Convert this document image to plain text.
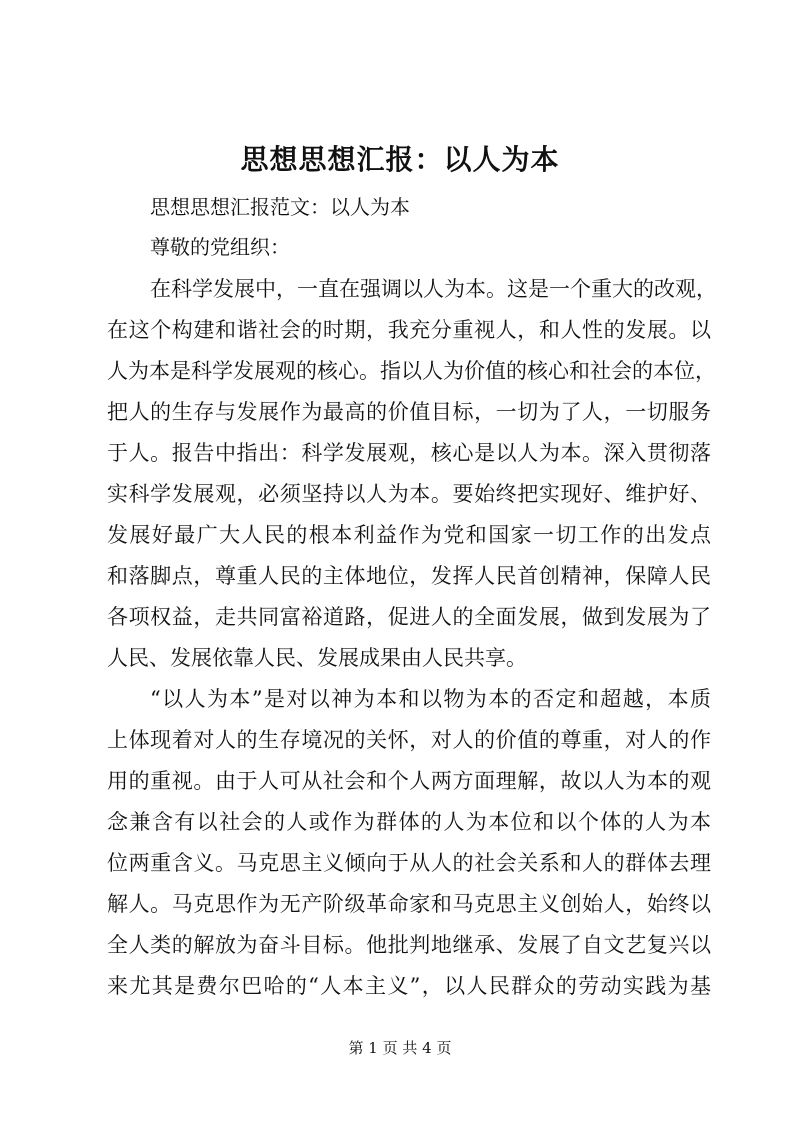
思想思想汇报：以人为本
思想思想汇报范文：以人为本
尊敬的党组织：
在科学发展中，一直在强调以人为本。这是一个重大的改观，
在这个构建和谐社会的时期，我充分重视人，和人性的发展。以
人为本是科学发展观的核心。指以人为价值的核心和社会的本位，
把人的生存与发展作为最高的价值目标，一切为了人，一切服务
于人。报告中指出：科学发展观，核心是以人为本。深入贯彻落
实科学发展观，必须坚持以人为本。要始终把实现好、维护好、
发展好最广大人民的根本利益作为党和国家一切工作的出发点
和落脚点，尊重人民的主体地位，发挥人民首创精神，保障人民
各项权益，走共同富裕道路，促进人的全面发展，做到发展为了
人民、发展依靠人民、发展成果由人民共享。
“以人为本”是对以神为本和以物为本的否定和超越，本质
上体现着对人的生存境况的关怀，对人的价值的尊重，对人的作
用的重视。由于人可从社会和个人两方面理解，故以人为本的观
念兼含有以社会的人或作为群体的人为本位和以个体的人为本
位两重含义。马克思主义倾向于从人的社会关系和人的群体去理
解人。马克思作为无产阶级革命家和马克思主义创始人，始终以
全人类的解放为奋斗目标。他批判地继承、发展了自文艺复兴以
来尤其是费尔巴哈的“人本主义”，以人民群众的劳动实践为基
第 1 页 共 4 页
